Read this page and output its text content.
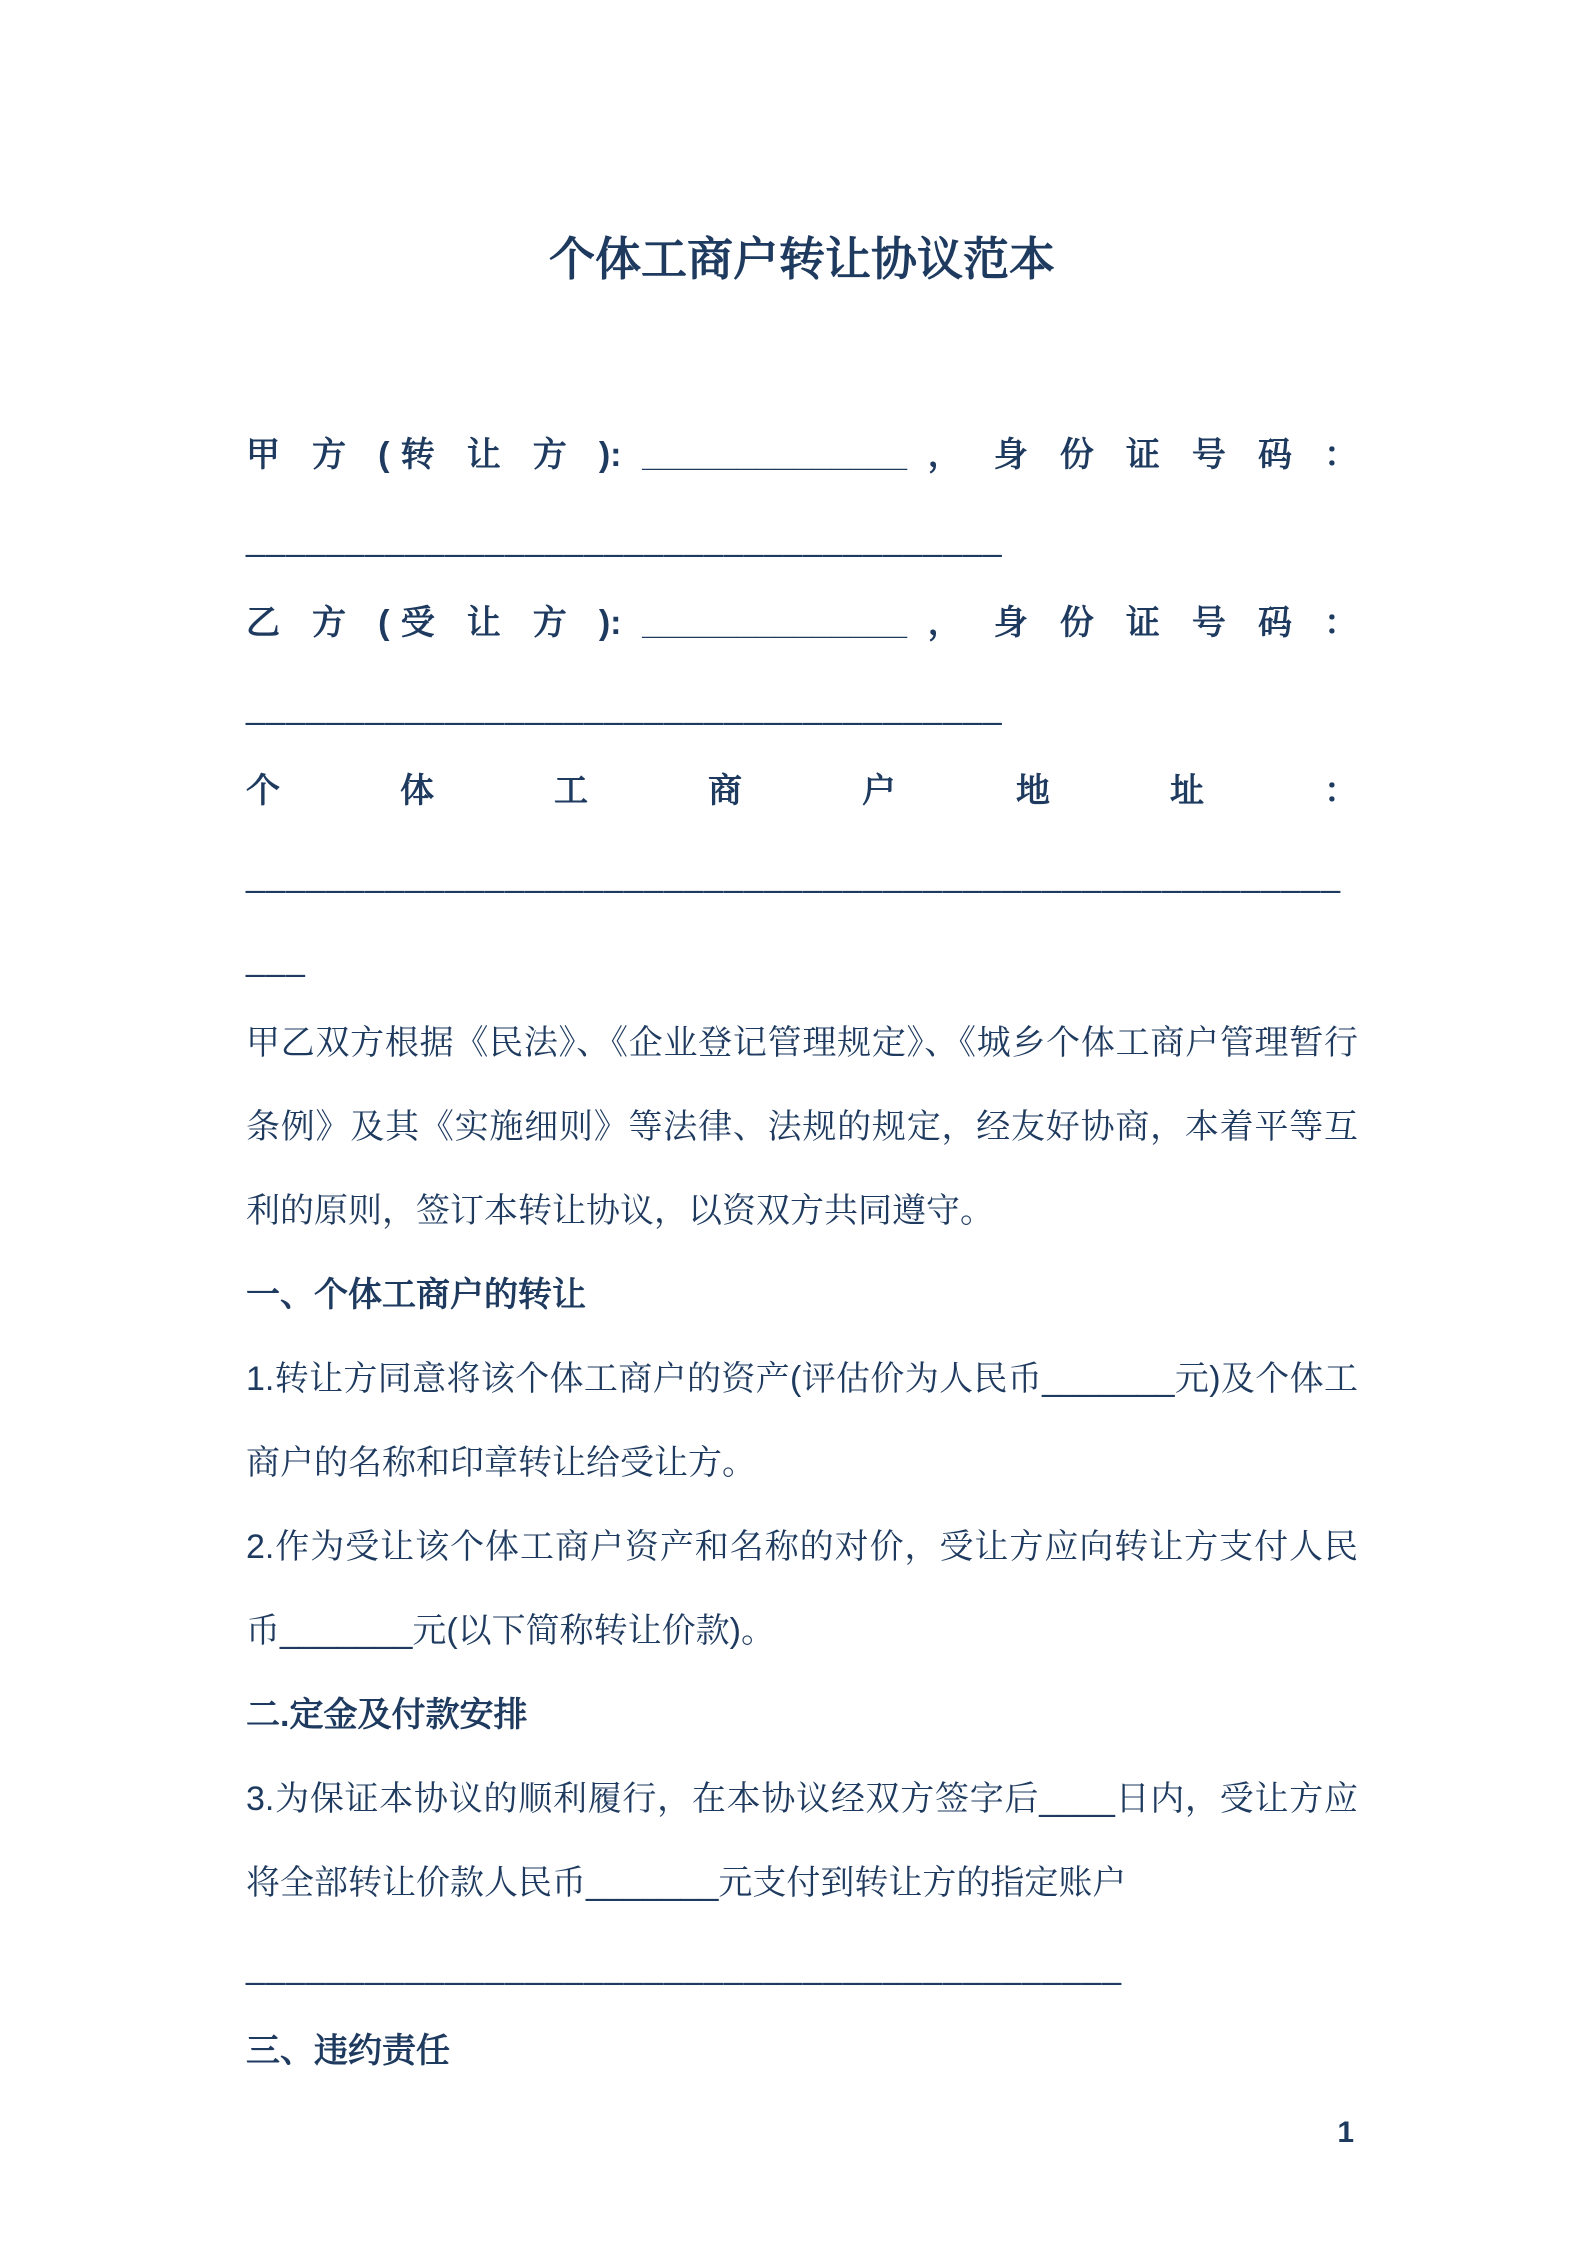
个体工商户转让协议范本

甲 方 (转 让 方 ): ______________ ， 身 份 证 号 码 ：

______________________________________

乙 方 (受 让 方 ): ______________ ， 身 份 证 号 码 ：

______________________________________

个 体 工 商 户 地 址 ：

__________________________________________________________

甲乙双方根据《民法》、《企业登记管理规定》、《城乡个体工商户管理暂行条例》及其《实施细则》等法律、法规的规定，经友好协商，本着平等互利的原则，签订本转让协议，以资双方共同遵守。

一、个体工商户的转让

1.转让方同意将该个体工商户的资产(评估价为人民币_______元)及个体工商户的名称和印章转让给受让方。

2.作为受让该个体工商户资产和名称的对价，受让方应向转让方支付人民币_______元(以下简称转让价款)。

二.定金及付款安排

3.为保证本协议的顺利履行，在本协议经双方签字后____日内，受让方应将全部转让价款人民币_______元支付到转让方的指定账户

____________________________________________

三、违约责任

1
